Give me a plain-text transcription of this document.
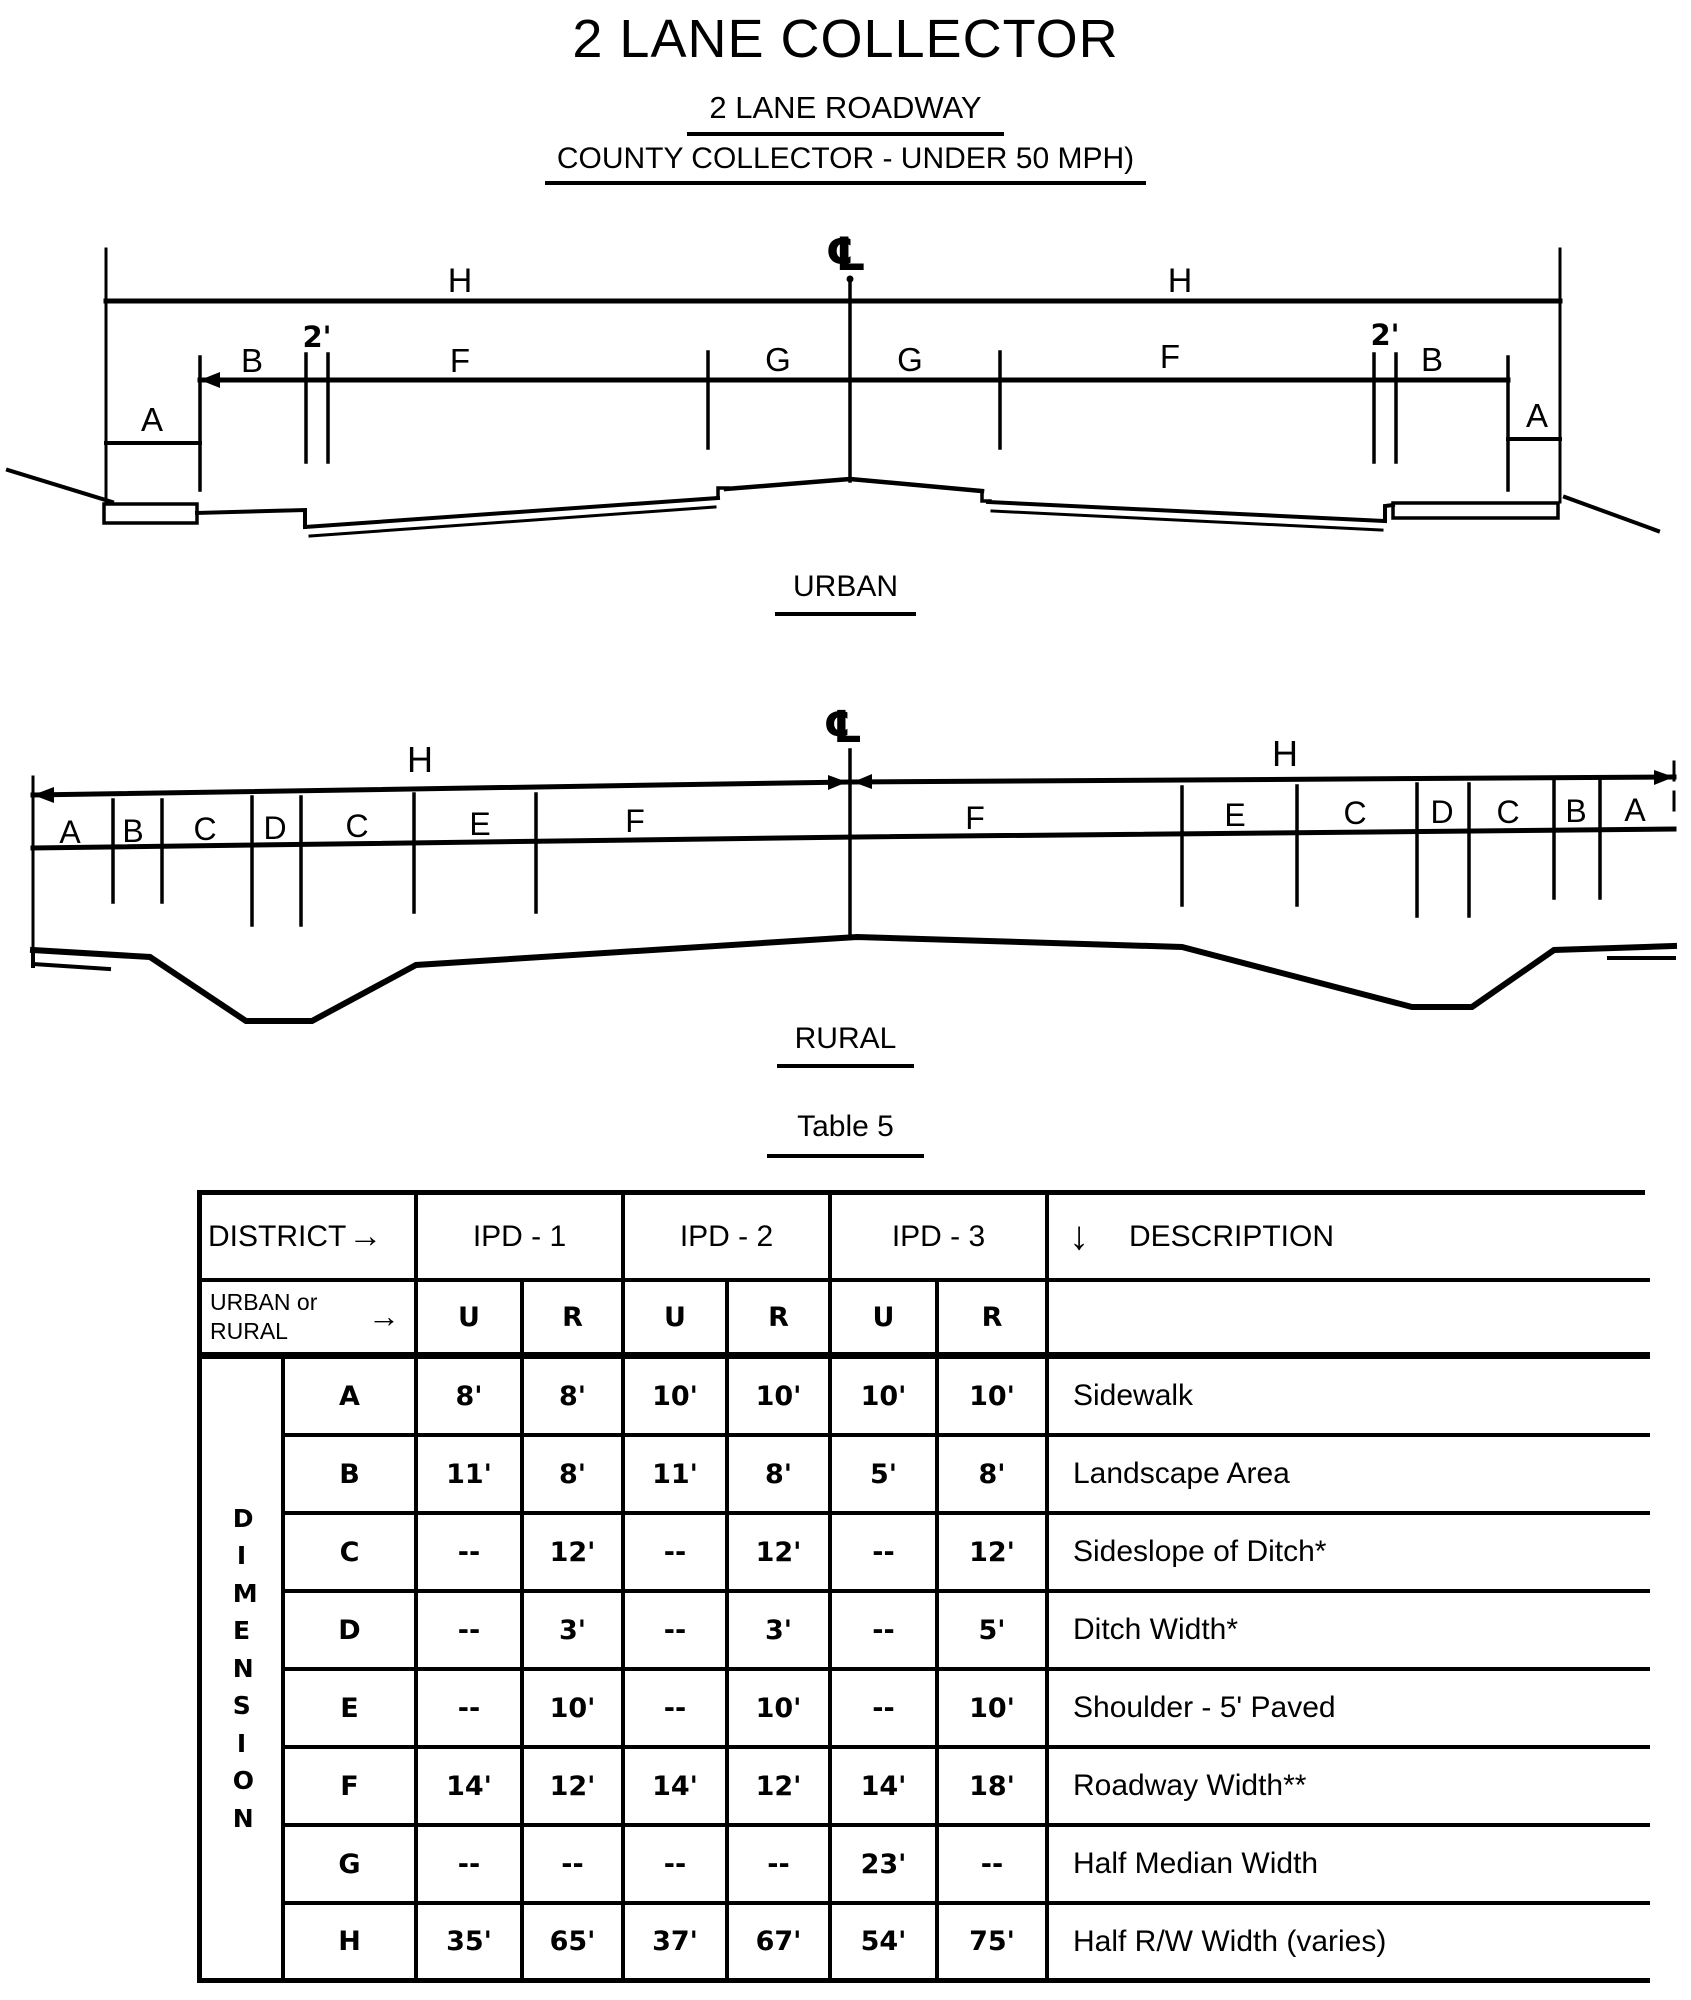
2 LANE COLLECTOR
2 LANE ROADWAY
COUNTY COLLECTOR - UNDER 50 MPH)
℄
H	H
B	F	G	G	F	B
2'	2'
A	A
URBAN
℄
H	H
A B C D C	E	F	F	E	C D C B A
RURAL
Table 5
DISTRICT →	IPD - 1	IPD - 2	IPD - 3	↓ DESCRIPTION
URBAN or
RURAL	→	U	R	U	R	U	R
DIMENSION
A	8'	8'	10'	10'	10'	10'	Sidewalk
B	11'	8'	11'	8'	5'	8'	Landscape Area
C	--	12'	--	12'	--	12'	Sideslope of Ditch*
D	--	3'	--	3'	--	5'	Ditch Width*
E	--	10'	--	10'	--	10'	Shoulder - 5' Paved
F	14'	12'	14'	12'	14'	18'	Roadway Width**
G	--	--	--	--	23'	--	Half Median Width
H	35'	65'	37'	67'	54'	75'	Half R/W Width (varies)
